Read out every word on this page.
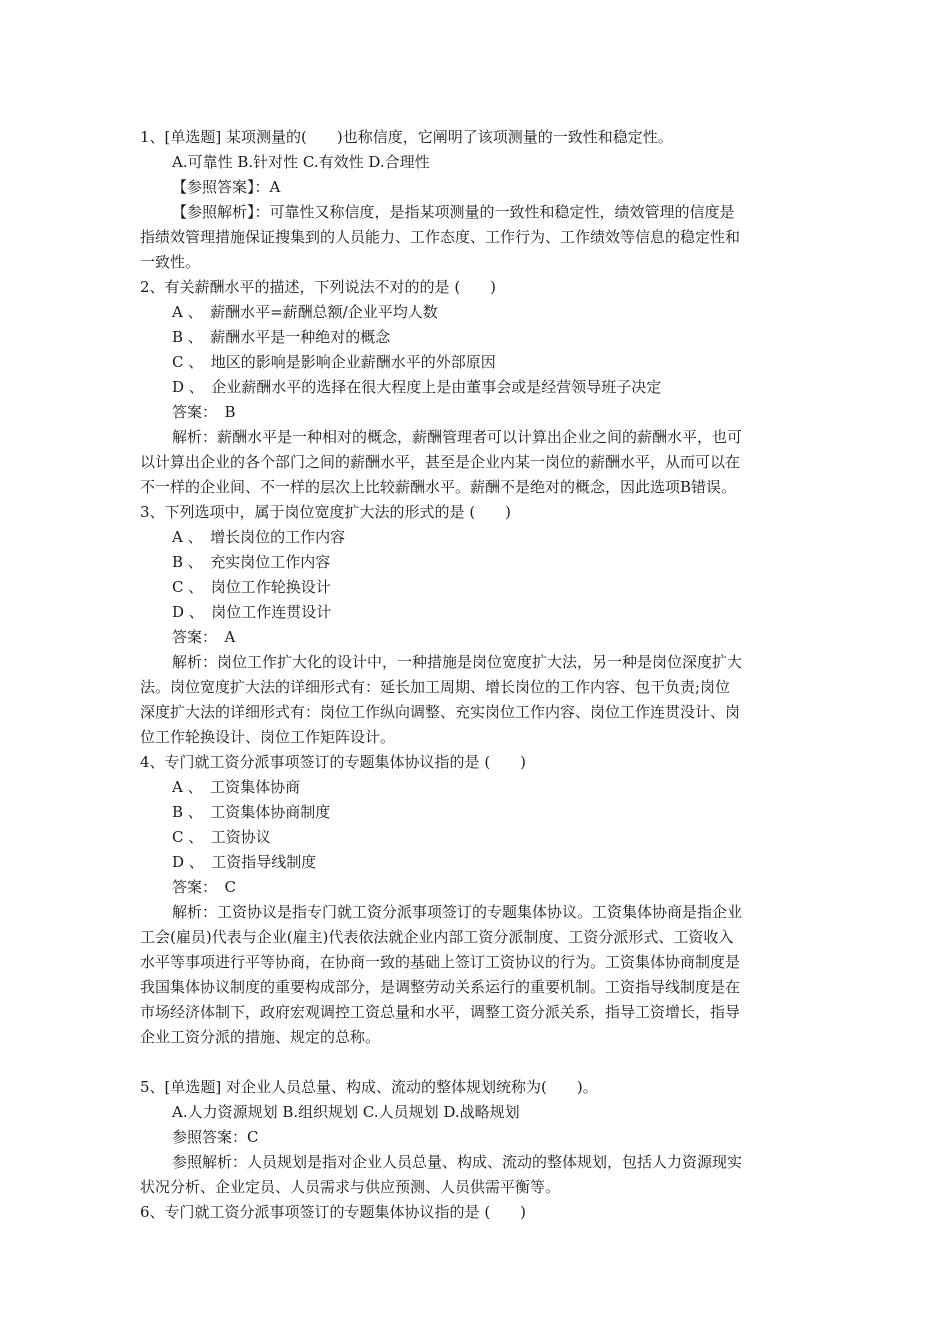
1、[单选题] 某项测量的(　　)也称信度，它阐明了该项测量的一致性和稳定性。
A.可靠性 B.针对性 C.有效性 D.合理性
【参照答案】：A
【参照解析】：可靠性又称信度，是指某项测量的一致性和稳定性，绩效管理的信度是
指绩效管理措施保证搜集到的人员能力、工作态度、工作行为、工作绩效等信息的稳定性和
一致性。
2、有关薪酬水平的描述，下列说法不对的的是 (　　)
A 、　薪酬水平=薪酬总额/企业平均人数
B 、　薪酬水平是一种绝对的概念
C 、　地区的影响是影响企业薪酬水平的外部原因
D 、　企业薪酬水平的选择在很大程度上是由董事会或是经营领导班子决定
答案：　B
解析：薪酬水平是一种相对的概念，薪酬管理者可以计算出企业之间的薪酬水平，也可
以计算出企业的各个部门之间的薪酬水平，甚至是企业内某一岗位的薪酬水平，从而可以在
不一样的企业间、不一样的层次上比较薪酬水平。薪酬不是绝对的概念，因此选项B错误。
3、下列选项中，属于岗位宽度扩大法的形式的是 (　　)
A 、　增长岗位的工作内容
B 、　充实岗位工作内容
C 、　岗位工作轮换设计
D 、　岗位工作连贯设计
答案：　A
解析：岗位工作扩大化的设计中，一种措施是岗位宽度扩大法，另一种是岗位深度扩大
法。岗位宽度扩大法的详细形式有：延长加工周期、增长岗位的工作内容、包干负责;岗位
深度扩大法的详细形式有：岗位工作纵向调整、充实岗位工作内容、岗位工作连贯没计、岗
位工作轮换设计、岗位工作矩阵设计。
4、专门就工资分派事项签订的专题集体协议指的是 (　　)
A 、　工资集体协商
B 、　工资集体协商制度
C 、　工资协议
D 、　工资指导线制度
答案：　C
解析：工资协议是指专门就工资分派事项签订的专题集体协议。工资集体协商是指企业
工会(雇员)代表与企业(雇主)代表依法就企业内部工资分派制度、工资分派形式、工资收入
水平等事项进行平等协商，在协商一致的基础上签订工资协议的行为。工资集体协商制度是
我国集体协议制度的重要构成部分，是调整劳动关系运行的重要机制。工资指导线制度是在
市场经济体制下，政府宏观调控工资总量和水平，调整工资分派关系，指导工资增长，指导
企业工资分派的措施、规定的总称。
5、[单选题] 对企业人员总量、构成、流动的整体规划统称为(　　)。
A.人力资源规划 B.组织规划 C.人员规划 D.战略规划
参照答案：C
参照解析：人员规划是指对企业人员总量、构成、流动的整体规划，包括人力资源现实
状况分析、企业定员、人员需求与供应预测、人员供需平衡等。
6、专门就工资分派事项签订的专题集体协议指的是 (　　)
